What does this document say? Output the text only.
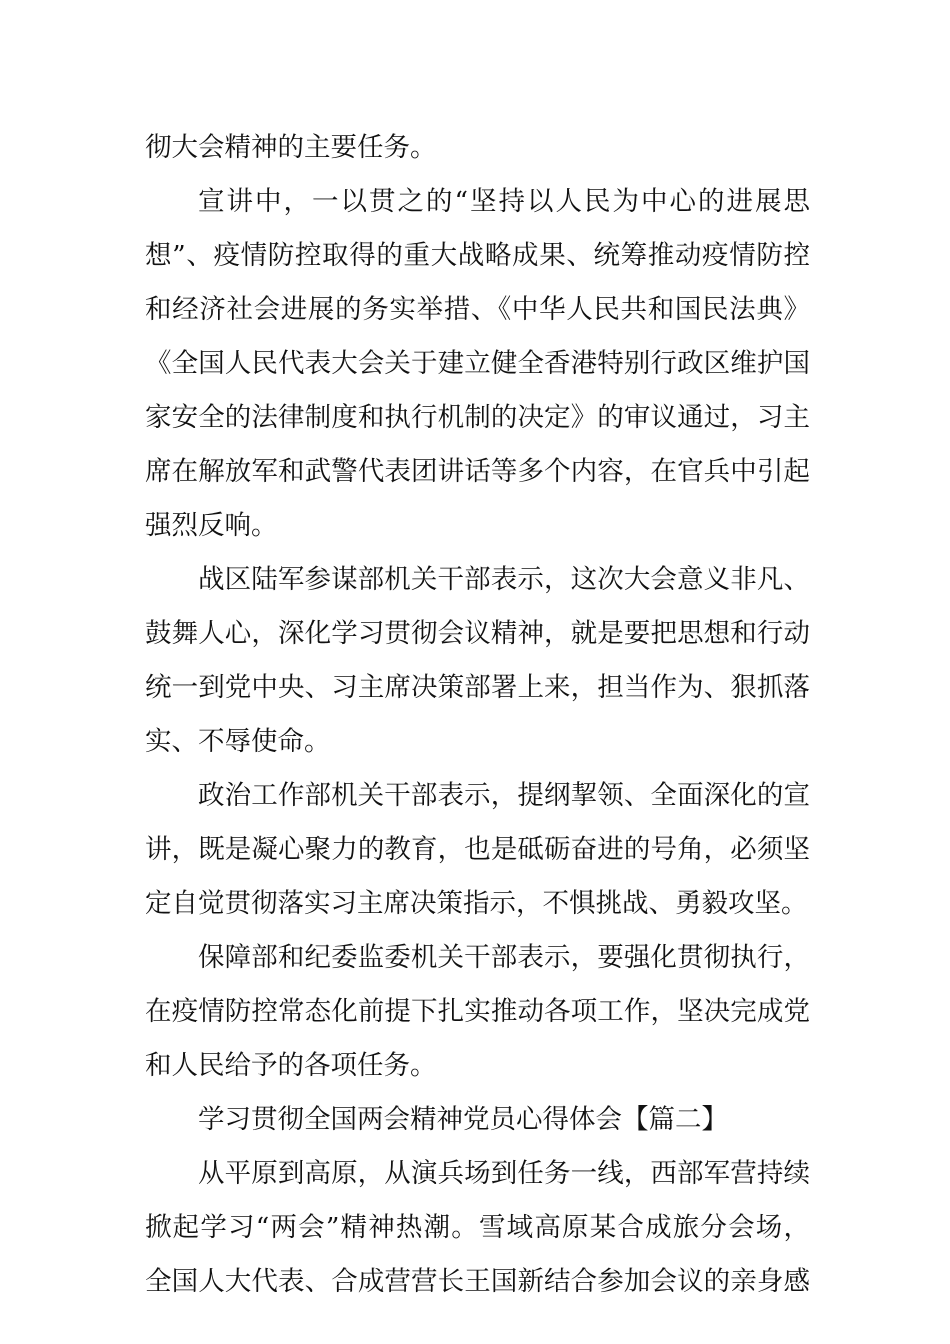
彻大会精神的主要任务。
宣讲中，一以贯之的“坚持以人民为中心的进展思
想”、疫情防控取得的重大战略成果、统筹推动疫情防控
和经济社会进展的务实举措、《中华人民共和国民法典》
《全国人民代表大会关于建立健全香港特别行政区维护国
家安全的法律制度和执行机制的决定》的审议通过，习主
席在解放军和武警代表团讲话等多个内容，在官兵中引起
强烈反响。
战区陆军参谋部机关干部表示，这次大会意义非凡、
鼓舞人心，深化学习贯彻会议精神，就是要把思想和行动
统一到党中央、习主席决策部署上来，担当作为、狠抓落
实、不辱使命。
政治工作部机关干部表示，提纲挈领、全面深化的宣
讲，既是凝心聚力的教育，也是砥砺奋进的号角，必须坚
定自觉贯彻落实习主席决策指示，不惧挑战、勇毅攻坚。
保障部和纪委监委机关干部表示，要强化贯彻执行，
在疫情防控常态化前提下扎实推动各项工作，坚决完成党
和人民给予的各项任务。
学习贯彻全国两会精神党员心得体会【篇二】
从平原到高原，从演兵场到任务一线，西部军营持续
掀起学习“两会”精神热潮。雪域高原某合成旅分会场，
全国人大代表、合成营营长王国新结合参加会议的亲身感
